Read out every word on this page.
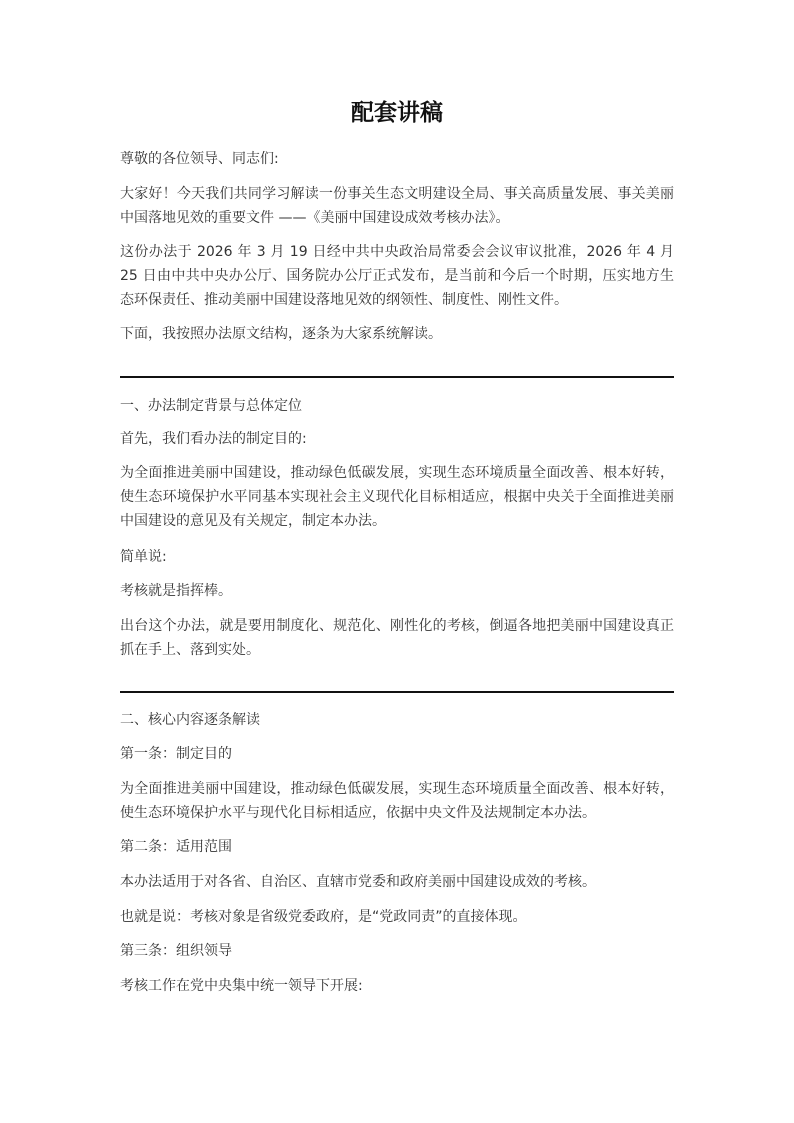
配套讲稿

尊敬的各位领导、同志们:

大家好！今天我们共同学习解读一份事关生态文明建设全局、事关高质量发展、事关美丽中国落地见效的重要文件 ——《美丽中国建设成效考核办法》。

这份办法于 2026 年 3 月 19 日经中共中央政治局常委会会议审议批准，2026 年 4 月 25 日由中共中央办公厅、国务院办公厅正式发布，是当前和今后一个时期，压实地方生态环保责任、推动美丽中国建设落地见效的纲领性、制度性、刚性文件。

下面，我按照办法原文结构，逐条为大家系统解读。

一、办法制定背景与总体定位

首先，我们看办法的制定目的:

为全面推进美丽中国建设，推动绿色低碳发展，实现生态环境质量全面改善、根本好转，使生态环境保护水平同基本实现社会主义现代化目标相适应，根据中央关于全面推进美丽中国建设的意见及有关规定，制定本办法。

简单说:

考核就是指挥棒。

出台这个办法，就是要用制度化、规范化、刚性化的考核，倒逼各地把美丽中国建设真正抓在手上、落到实处。

二、核心内容逐条解读

第一条：制定目的

为全面推进美丽中国建设，推动绿色低碳发展，实现生态环境质量全面改善、根本好转，使生态环境保护水平与现代化目标相适应，依据中央文件及法规制定本办法。

第二条：适用范围

本办法适用于对各省、自治区、直辖市党委和政府美丽中国建设成效的考核。

也就是说：考核对象是省级党委政府，是“党政同责”的直接体现。

第三条：组织领导

考核工作在党中央集中统一领导下开展:
